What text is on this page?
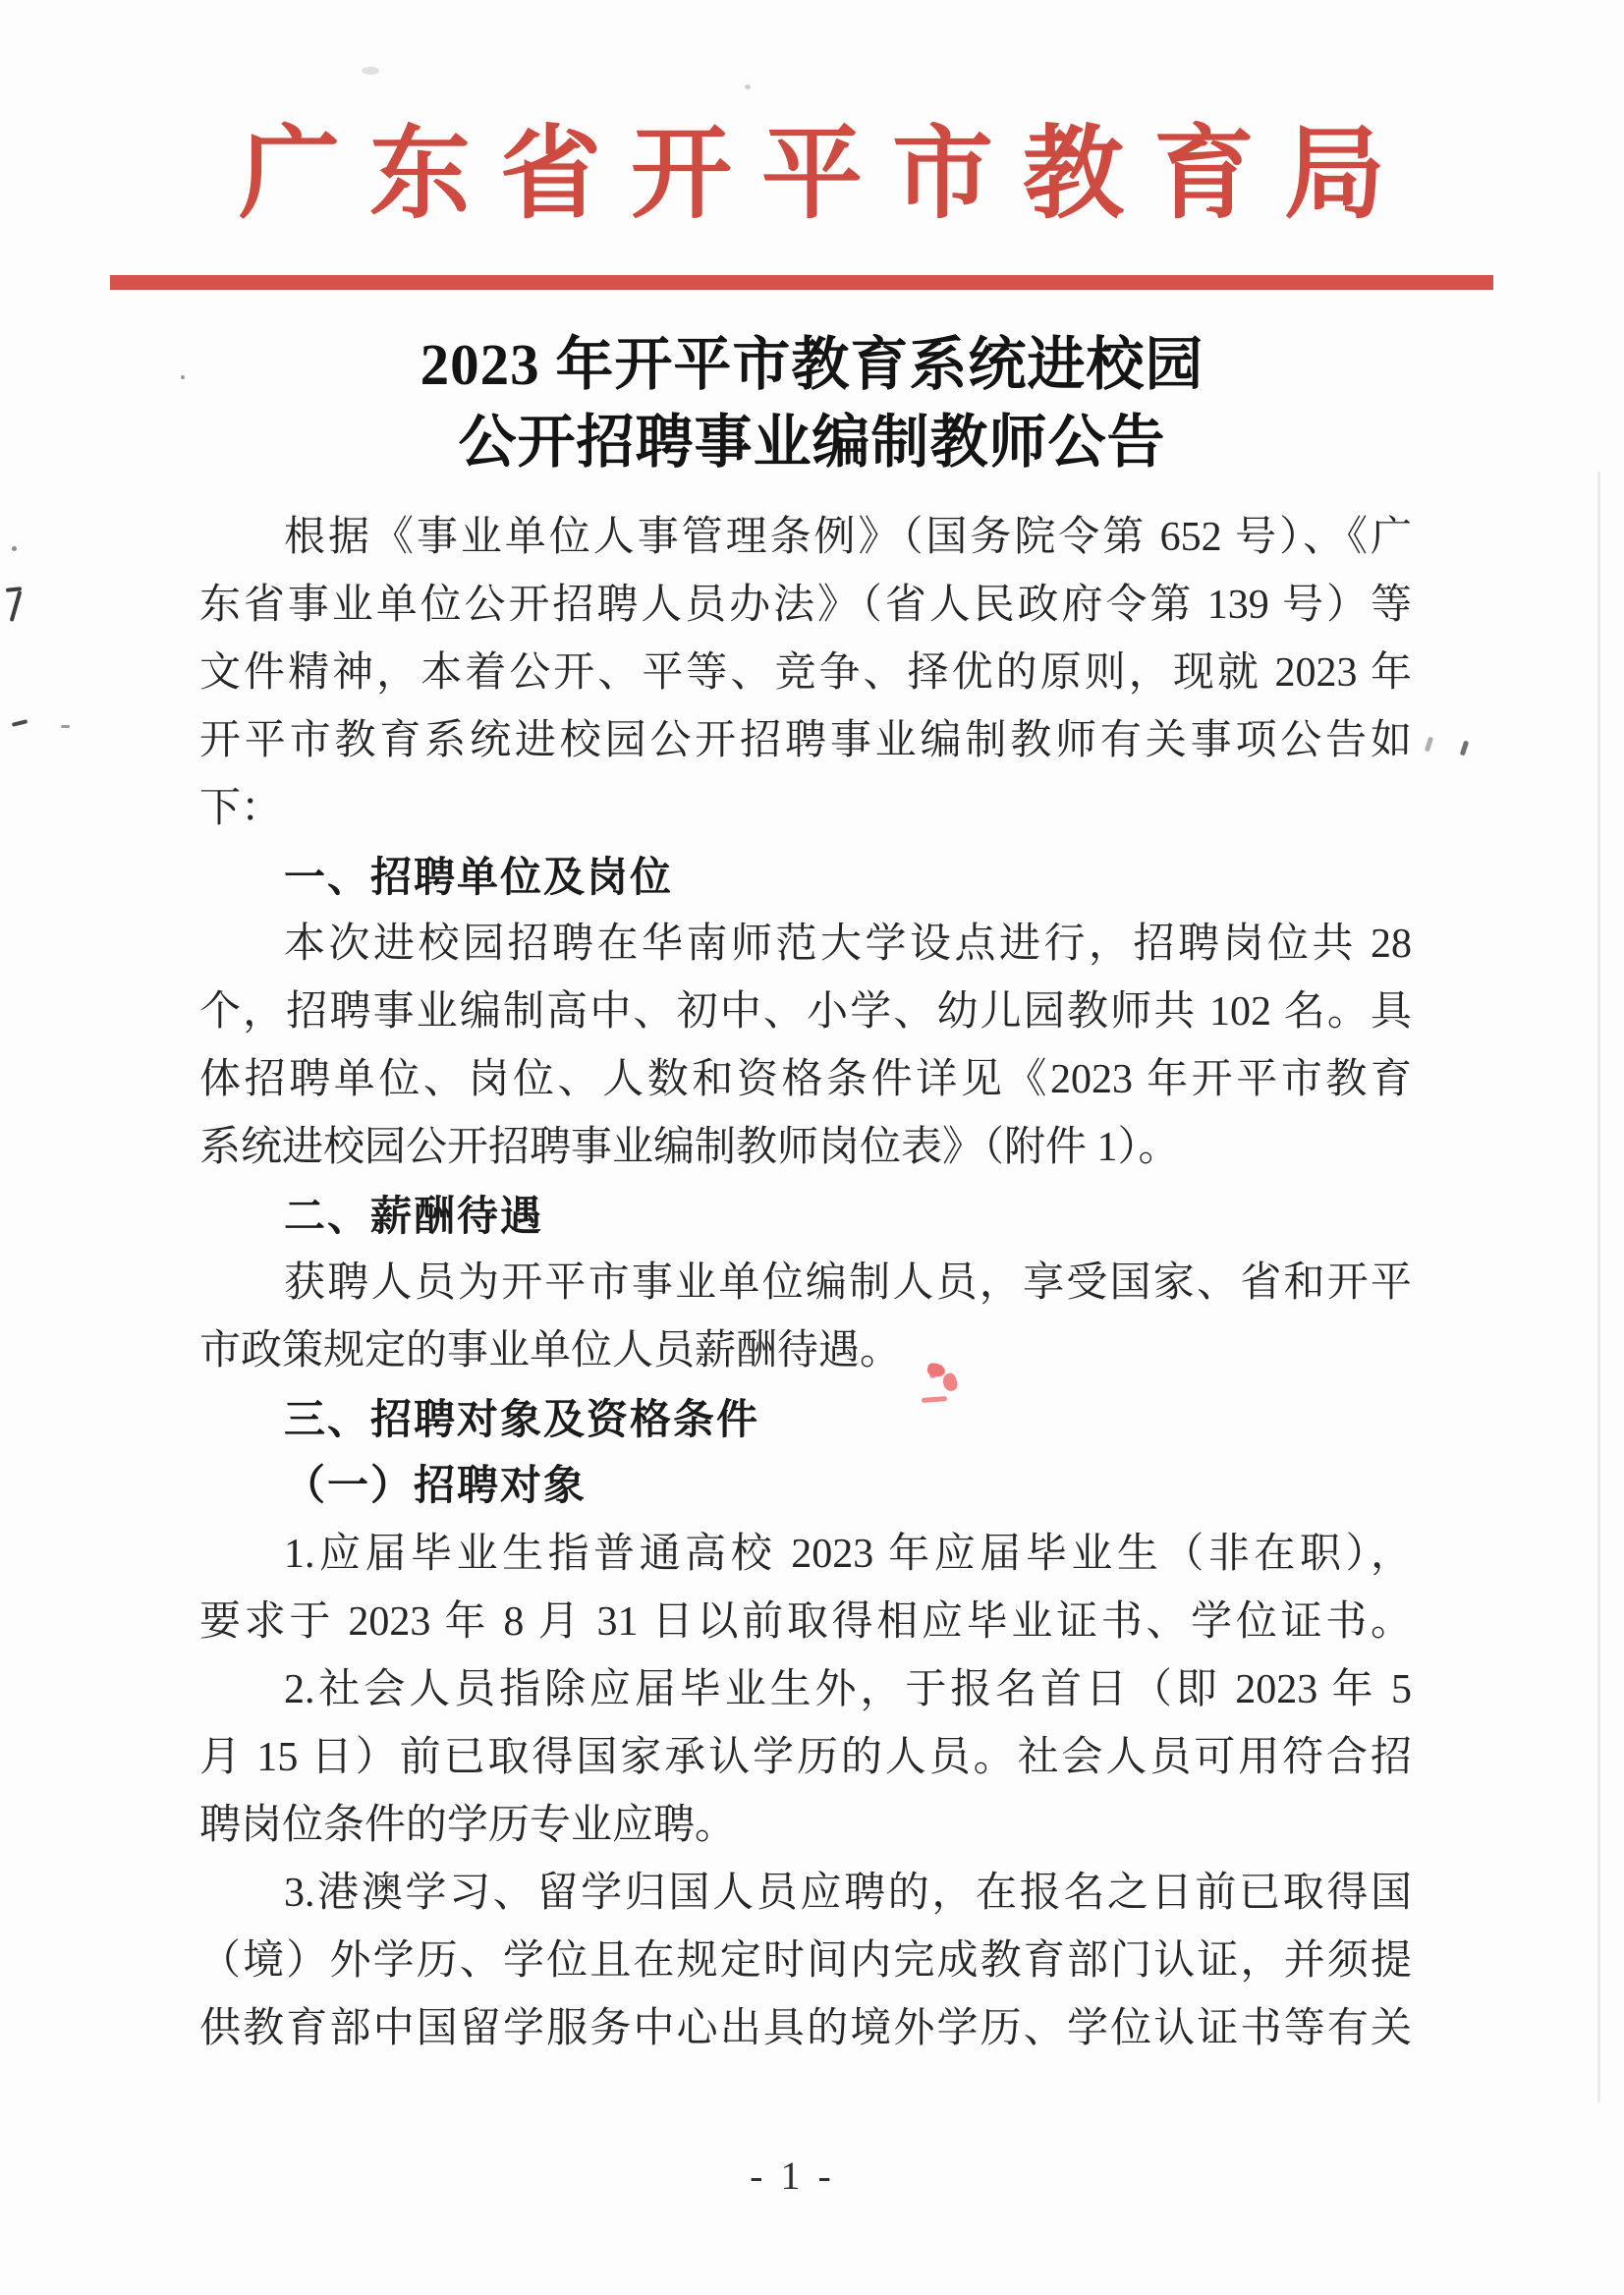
广东省开平市教育局
2023 年开平市教育系统进校园
公开招聘事业编制教师公告
根据《事业单位人事管理条例》（国务院令第 652 号）、《广
东省事业单位公开招聘人员办法》（省人民政府令第 139 号）等
文件精神，本着公开、平等、竞争、择优的原则，现就 2023 年
开平市教育系统进校园公开招聘事业编制教师有关事项公告如
下：
一、招聘单位及岗位
本次进校园招聘在华南师范大学设点进行，招聘岗位共 28
个，招聘事业编制高中、初中、小学、幼儿园教师共 102 名。具
体招聘单位、岗位、人数和资格条件详见《2023 年开平市教育
系统进校园公开招聘事业编制教师岗位表》（附件 1）。
二、薪酬待遇
获聘人员为开平市事业单位编制人员，享受国家、省和开平
市政策规定的事业单位人员薪酬待遇。
三、招聘对象及资格条件
（一）招聘对象
1.应届毕业生指普通高校 2023 年应届毕业生（非在职），
要求于 2023 年 8 月 31 日以前取得相应毕业证书、学位证书。
2.社会人员指除应届毕业生外，于报名首日（即 2023 年 5
月 15 日）前已取得国家承认学历的人员。社会人员可用符合招
聘岗位条件的学历专业应聘。
3.港澳学习、留学归国人员应聘的，在报名之日前已取得国
（境）外学历、学位且在规定时间内完成教育部门认证，并须提
供教育部中国留学服务中心出具的境外学历、学位认证书等有关
- 1 -
